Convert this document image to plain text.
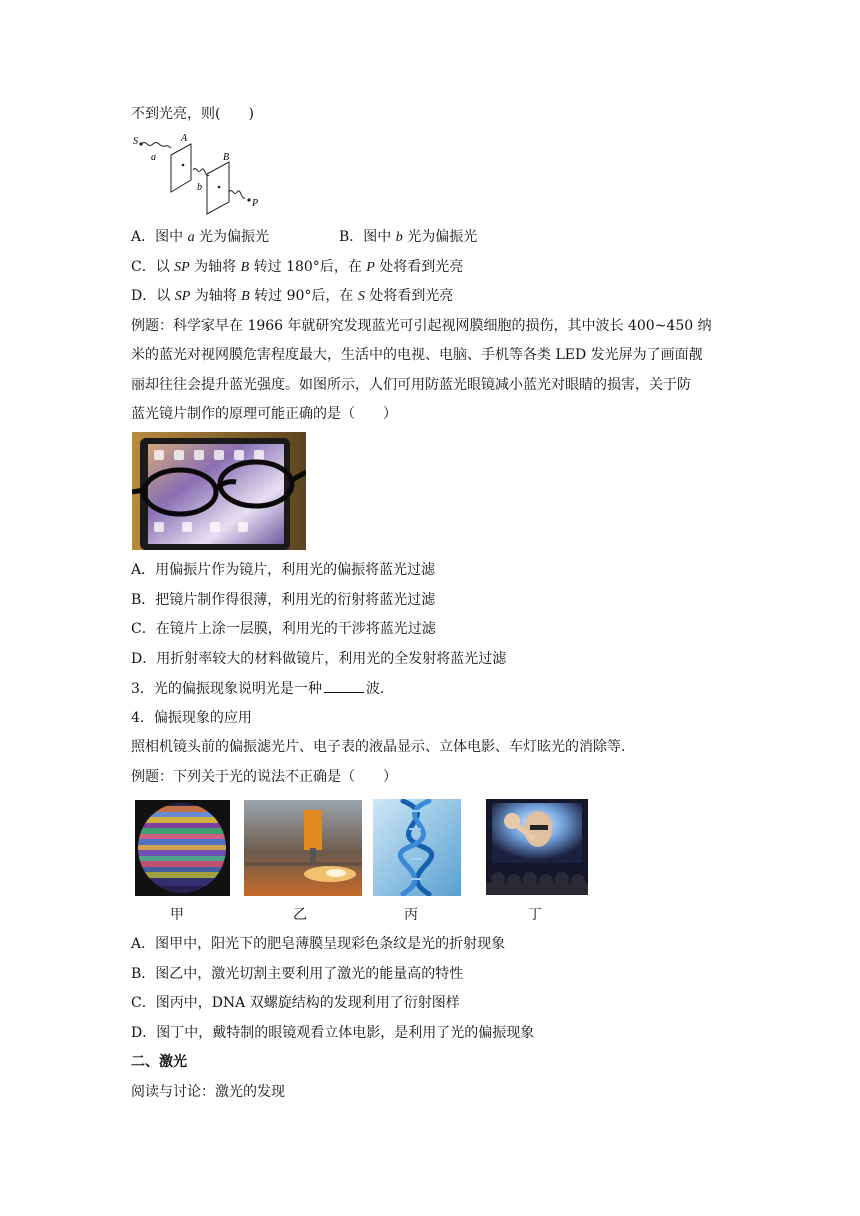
不到光亮，则(　　)
S
a
A
b
B
P
A．图中 a 光为偏振光	B．图中 b 光为偏振光
C．以 SP 为轴将 B 转过 180°后，在 P 处将看到光亮
D．以 SP 为轴将 B 转过 90°后，在 S 处将看到光亮
例题：科学家早在 1966 年就研究发现蓝光可引起视网膜细胞的损伤，其中波长 400~450 纳
米的蓝光对视网膜危害程度最大，生活中的电视、电脑、手机等各类 LED 发光屏为了画面靓
丽却往往会提升蓝光强度。如图所示，人们可用防蓝光眼镜减小蓝光对眼睛的损害，关于防
蓝光镜片制作的原理可能正确的是（　　）
A．用偏振片作为镜片，利用光的偏振将蓝光过滤
B．把镜片制作得很薄，利用光的衍射将蓝光过滤
C．在镜片上涂一层膜，利用光的干涉将蓝光过滤
D．用折射率较大的材料做镜片，利用光的全发射将蓝光过滤
3．光的偏振现象说明光是一种	波．
4．偏振现象的应用
照相机镜头前的偏振滤光片、电子表的液晶显示、立体电影、车灯眩光的消除等.
例题：下列关于光的说法不正确是（　　）
甲	乙	丙	丁
A．图甲中，阳光下的肥皂薄膜呈现彩色条纹是光的折射现象
B．图乙中，激光切割主要利用了激光的能量高的特性
C．图丙中，DNA 双螺旋结构的发现利用了衍射图样
D．图丁中，戴特制的眼镜观看立体电影，是利用了光的偏振现象
二、激光
阅读与讨论：激光的发现
